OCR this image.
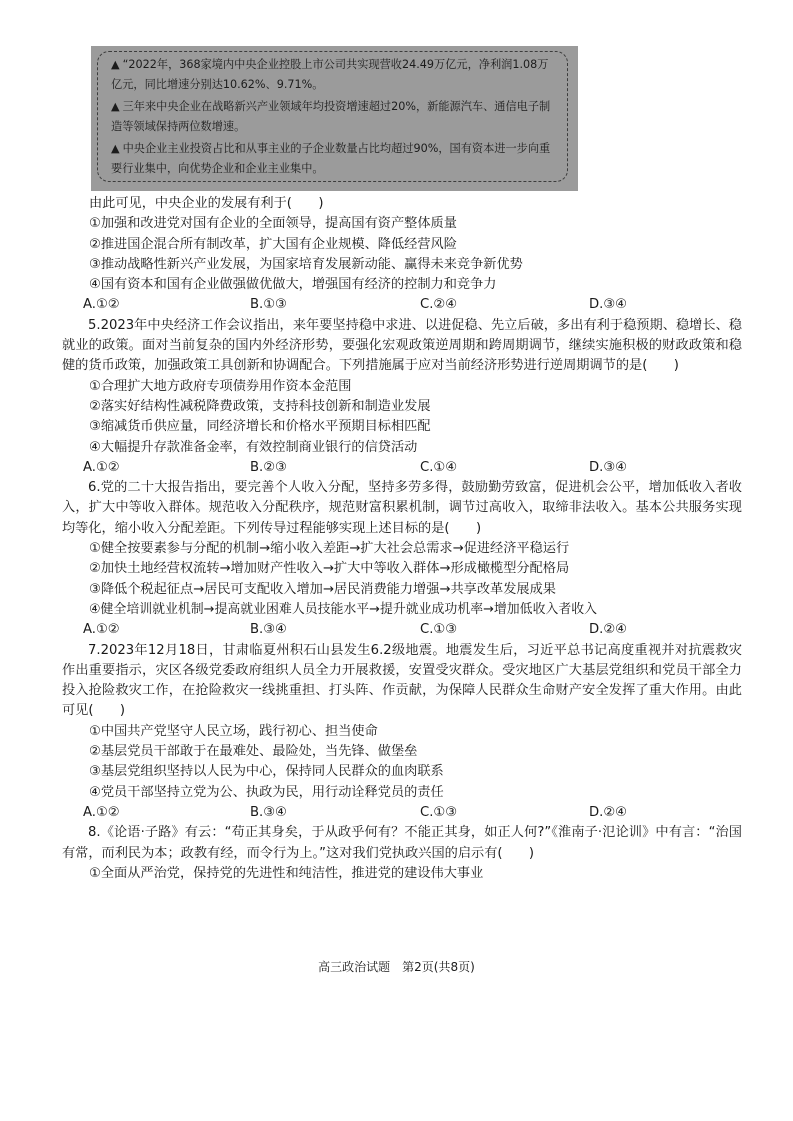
▲ “2022年，368家境内中央企业控股上市公司共实现营收24.49万亿元，净利润1.08万亿元，同比增速分别达10.62%、9.71%。

▲ 三年来中央企业在战略新兴产业领域年均投资增速超过20%，新能源汽车、通信电子制造等领域保持两位数增速。

▲ 中央企业主业投资占比和从事主业的子企业数量占比均超过90%，国有资本进一步向重要行业集中，向优势企业和企业主业集中。

由此可见，中央企业的发展有利于(　　)
①加强和改进党对国有企业的全面领导，提高国有资产整体质量
②推进国企混合所有制改革，扩大国有企业规模、降低经营风险
③推动战略性新兴产业发展，为国家培育发展新动能、赢得未来竞争新优势
④国有资本和国有企业做强做优做大，增强国有经济的控制力和竞争力
A.①②	B.①③	C.②④	D.③④
5.2023年中央经济工作会议指出，来年要坚持稳中求进、以进促稳、先立后破，多出有利于稳预期、稳增长、稳就业的政策。面对当前复杂的国内外经济形势，要强化宏观政策逆周期和跨周期调节，继续实施积极的财政政策和稳健的货币政策，加强政策工具创新和协调配合。下列措施属于应对当前经济形势进行逆周期调节的是(　　)
①合理扩大地方政府专项债券用作资本金范围
②落实好结构性减税降费政策，支持科技创新和制造业发展
③缩减货币供应量，同经济增长和价格水平预期目标相匹配
④大幅提升存款准备金率，有效控制商业银行的信贷活动
A.①②	B.②③	C.①④	D.③④
6.党的二十大报告指出，要完善个人收入分配，坚持多劳多得，鼓励勤劳致富，促进机会公平，增加低收入者收入，扩大中等收入群体。规范收入分配秩序，规范财富积累机制，调节过高收入，取缔非法收入。基本公共服务实现均等化，缩小收入分配差距。下列传导过程能够实现上述目标的是(　　)
①健全按要素参与分配的机制→缩小收入差距→扩大社会总需求→促进经济平稳运行
②加快土地经营权流转→增加财产性收入→扩大中等收入群体→形成橄榄型分配格局
③降低个税起征点→居民可支配收入增加→居民消费能力增强→共享改革发展成果
④健全培训就业机制→提高就业困难人员技能水平→提升就业成功机率→增加低收入者收入
A.①②	B.③④	C.①③	D.②④
7.2023年12月18日，甘肃临夏州积石山县发生6.2级地震。地震发生后，习近平总书记高度重视并对抗震救灾作出重要指示，灾区各级党委政府组织人员全力开展救援，安置受灾群众。受灾地区广大基层党组织和党员干部全力投入抢险救灾工作，在抢险救灾一线挑重担、打头阵、作贡献，为保障人民群众生命财产安全发挥了重大作用。由此可见(　　)
①中国共产党坚守人民立场，践行初心、担当使命
②基层党员干部敢于在最难处、最险处，当先锋、做堡垒
③基层党组织坚持以人民为中心，保持同人民群众的血肉联系
④党员干部坚持立党为公、执政为民，用行动诠释党员的责任
A.①②	B.③④	C.①③	D.②④
8.《论语·子路》有云：“苟正其身矣，于从政乎何有？不能正其身，如正人何?”《淮南子·氾论训》中有言：“治国有常，而利民为本；政教有经，而令行为上。”这对我们党执政兴国的启示有(　　)
①全面从严治党，保持党的先进性和纯洁性，推进党的建设伟大事业
高三政治试题　第2页(共8页)
